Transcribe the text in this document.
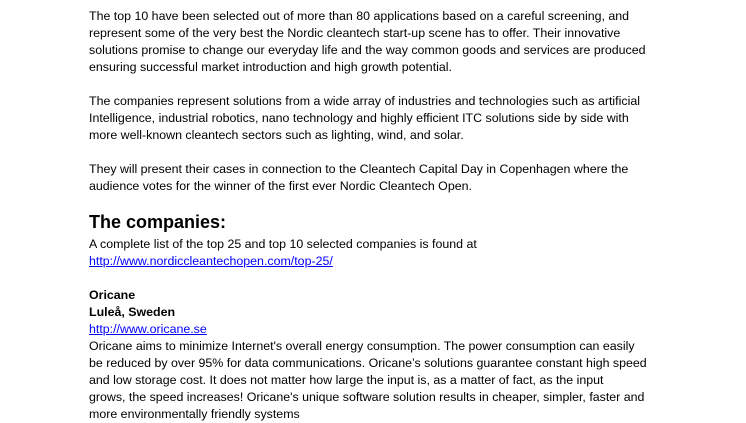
The top 10 have been selected out of more than 80 applications based on a careful screening, and
represent some of the very best the Nordic cleantech start-up scene has to offer. Their innovative
solutions promise to change our everyday life and the way common goods and services are produced
ensuring successful market introduction and high growth potential.

The companies represent solutions from a wide array of industries and technologies such as artificial
Intelligence, industrial robotics, nano technology and highly efficient ITC solutions side by side with
more well-known cleantech sectors such as lighting, wind, and solar.

They will present their cases in connection to the Cleantech Capital Day in Copenhagen where the
audience votes for the winner of the first ever Nordic Cleantech Open.

The companies:
A complete list of the top 25 and top 10 selected companies is found at
http://www.nordiccleantechopen.com/top-25/
Oricane
Luleå, Sweden
http://www.oricane.se
Oricane aims to minimize Internet's overall energy consumption. The power consumption can easily
be reduced by over 95% for data communications. Oricane’s solutions guarantee constant high speed
and low storage cost. It does not matter how large the input is, as a matter of fact, as the input
grows, the speed increases! Oricane's unique software solution results in cheaper, simpler, faster and
more environmentally friendly systems
